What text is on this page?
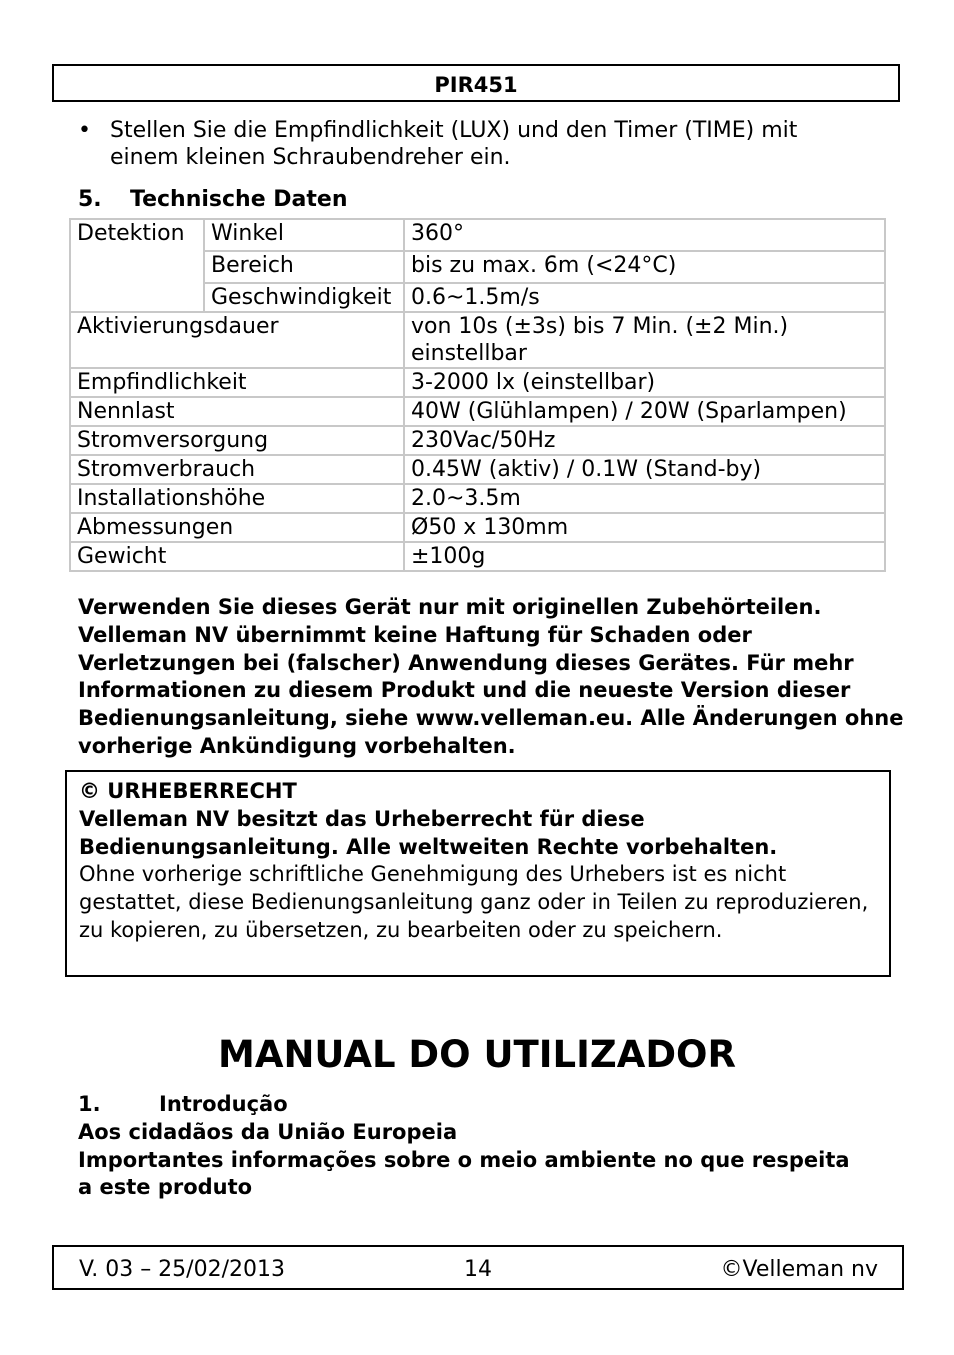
PIR451
• Stellen Sie die Empfindlichkeit (LUX) und den Timer (TIME) mit einem kleinen Schraubendreher ein.
5. Technische Daten
Detektion	Winkel	360°
	Bereich	bis zu max. 6m (<24°C)
	Geschwindigkeit	0.6~1.5m/s
Aktivierungsdauer		von 10s (±3s) bis 7 Min. (±2 Min.) einstellbar
Empfindlichkeit		3-2000 lx (einstellbar)
Nennlast		40W (Glühlampen) / 20W (Sparlampen)
Stromversorgung		230Vac/50Hz
Stromverbrauch		0.45W (aktiv) / 0.1W (Stand-by)
Installationshöhe		2.0~3.5m
Abmessungen		Ø50 x 130mm
Gewicht		±100g
Verwenden Sie dieses Gerät nur mit originellen Zubehörteilen. Velleman NV übernimmt keine Haftung für Schaden oder Verletzungen bei (falscher) Anwendung dieses Gerätes. Für mehr Informationen zu diesem Produkt und die neueste Version dieser Bedienungsanleitung, siehe www.velleman.eu. Alle Änderungen ohne vorherige Ankündigung vorbehalten.
© URHEBERRECHT
Velleman NV besitzt das Urheberrecht für diese Bedienungsanleitung. Alle weltweiten Rechte vorbehalten.
Ohne vorherige schriftliche Genehmigung des Urhebers ist es nicht gestattet, diese Bedienungsanleitung ganz oder in Teilen zu reproduzieren, zu kopieren, zu übersetzen, zu bearbeiten oder zu speichern.
MANUAL DO UTILIZADOR
1.	Introdução
Aos cidadãos da União Europeia
Importantes informações sobre o meio ambiente no que respeita a este produto
V. 03 – 25/02/2013	14	©Velleman nv
